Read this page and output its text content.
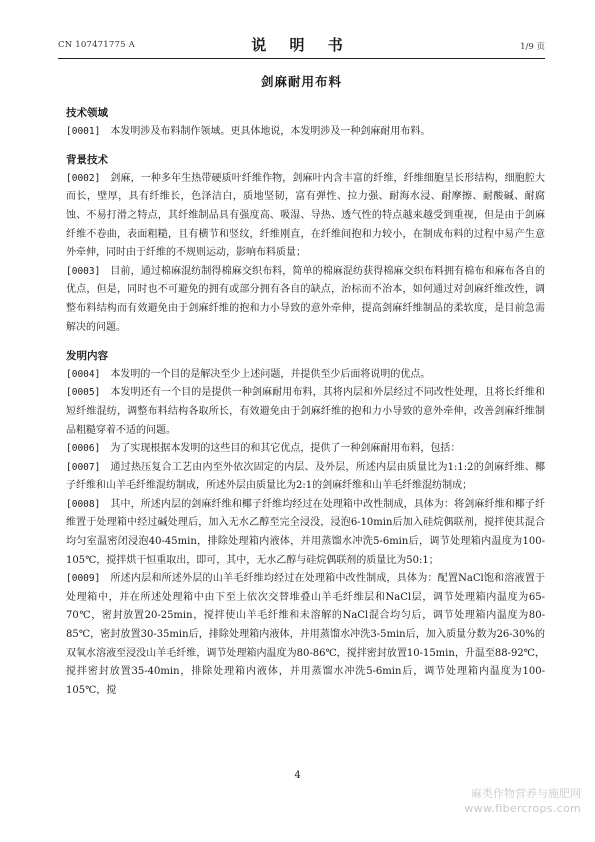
CN 107471775 A	说 明 书	1/9 页
剑麻耐用布料
技术领域

[0001] 本发明涉及布料制作领域。更具体地说，本发明涉及一种剑麻耐用布料。

背景技术

[0002] 剑麻，一种多年生热带硬质叶纤维作物，剑麻叶内含丰富的纤维，纤维细胞呈长形结构，细胞腔大而长，壁厚，具有纤维长，色泽洁白，质地坚韧，富有弹性、拉力强、耐海水浸、耐摩擦、耐酸碱、耐腐蚀、不易打滑之特点，其纤维制品具有强度高、吸湿、导热、透气性的特点越来越受到重视，但是由于剑麻纤维不卷曲，表面粗糙，且有横节和竖纹，纤维刚直，在纤维间抱和力较小，在制成布料的过程中易产生意外牵伸，同时由于纤维的不规则运动，影响布料质量；

[0003] 目前，通过棉麻混纺制得棉麻交织布料，简单的棉麻混纺获得棉麻交织布料拥有棉布和麻布各自的优点，但是，同时也不可避免的拥有或部分拥有各自的缺点，治标而不治本，如何通过对剑麻纤维改性，调整布料结构而有效避免由于剑麻纤维的抱和力小导致的意外牵伸，提高剑麻纤维制品的柔软度，是目前急需解决的问题。

发明内容

[0004] 本发明的一个目的是解决至少上述问题，并提供至少后面将说明的优点。

[0005] 本发明还有一个目的是提供一种剑麻耐用布料，其将内层和外层经过不同改性处理，且将长纤维和短纤维混纺，调整布料结构各取所长，有效避免由于剑麻纤维的抱和力小导致的意外牵伸，改善剑麻纤维制品粗糙穿着不适的问题。

[0006] 为了实现根据本发明的这些目的和其它优点，提供了一种剑麻耐用布料，包括：

[0007] 通过热压复合工艺由内至外依次固定的内层、及外层，所述内层由质量比为1:1:2的剑麻纤维、椰子纤维和山羊毛纤维混纺制成，所述外层由质量比为2:1的剑麻纤维和山羊毛纤维混纺制成；

[0008] 其中，所述内层的剑麻纤维和椰子纤维均经过在处理箱中改性制成，具体为：将剑麻纤维和椰子纤维置于处理箱中经过碱处理后，加入无水乙醇至完全浸没，浸泡6-10min后加入硅烷偶联剂，搅拌使其混合均匀室温密闭浸泡40-45min，排除处理箱内液体，并用蒸馏水冲洗5-6min后，调节处理箱内温度为100-105℃，搅拌烘干恒重取出，即可，其中，无水乙醇与硅烷偶联剂的质量比为50:1；

[0009] 所述内层和所述外层的山羊毛纤维均经过在处理箱中改性制成，具体为：配置NaCl饱和溶液置于处理箱中，并在所述处理箱中由下至上依次交替堆叠山羊毛纤维层和NaCl层，调节处理箱内温度为65-70℃，密封放置20-25min，搅拌使山羊毛纤维和未溶解的NaCl混合均匀后，调节处理箱内温度为80-85℃，密封放置30-35min后，排除处理箱内液体，并用蒸馏水冲洗3-5min后，加入质量分数为26-30%的双氧水溶液至浸没山羊毛纤维，调节处理箱内温度为80-86℃，搅拌密封放置10-15min，升温至88-92℃，搅拌密封放置35-40min，排除处理箱内液体，并用蒸馏水冲洗5-6min后，调节处理箱内温度为100-105℃，搅

4
麻类作物营养与施肥网
www.fibercrops.com
